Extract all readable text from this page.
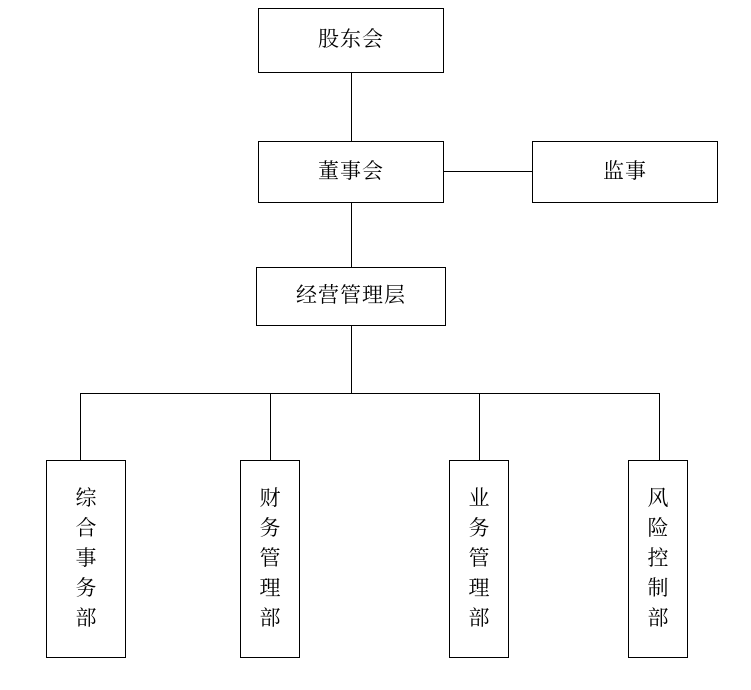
股东会
董事会	监事
经营管理层
综合事务部
财务管理部
业务管理部
风险控制部
